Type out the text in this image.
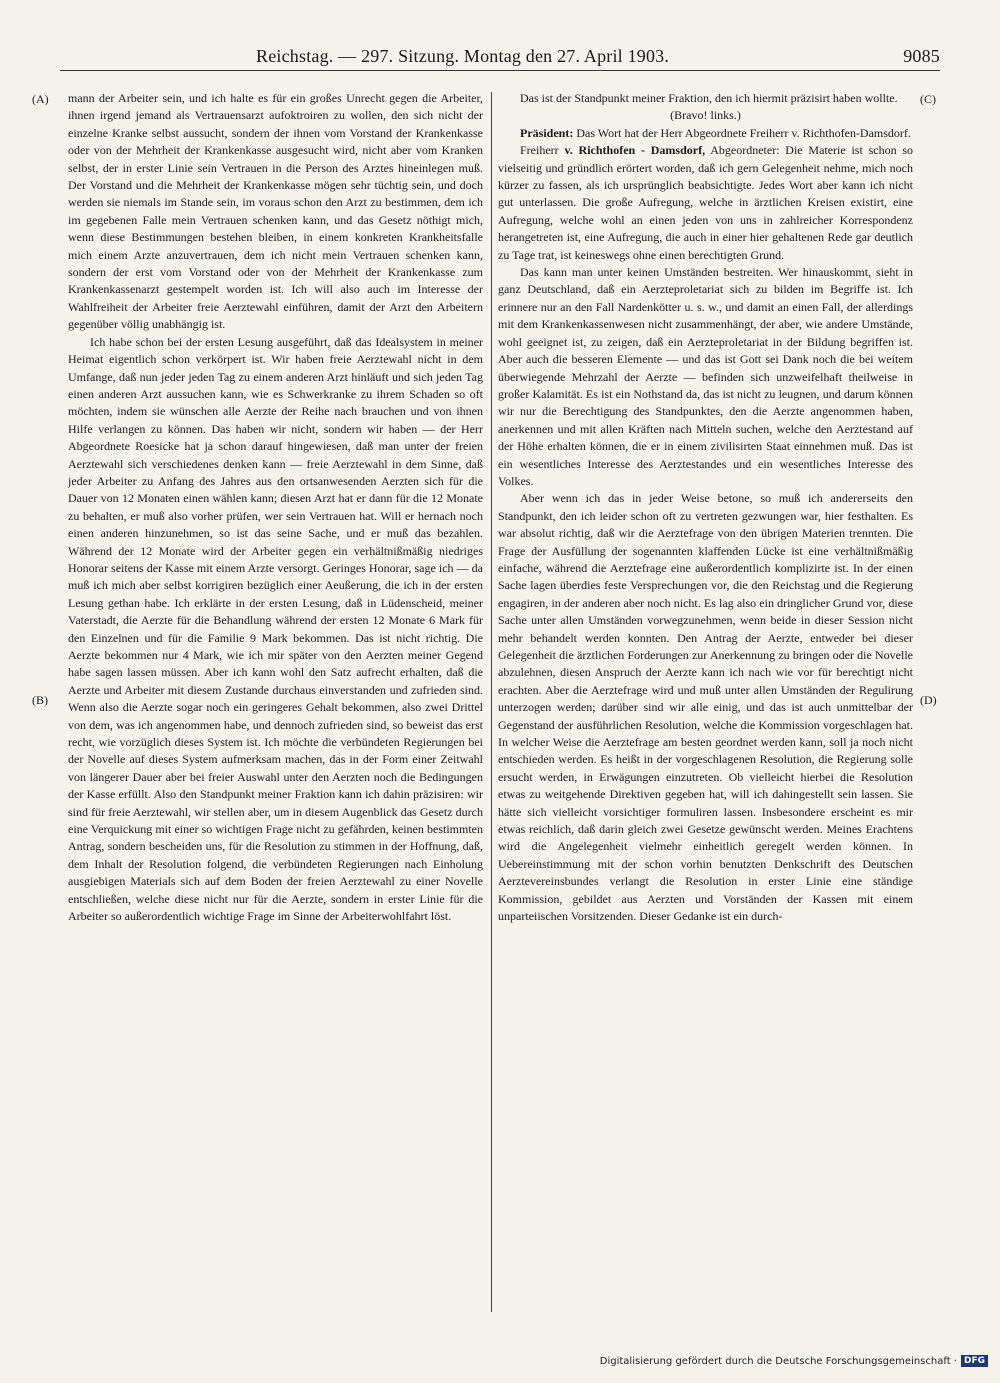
Reichstag. — 297. Sitzung. Montag den 27. April 1903.	9085
(A)
(B)
(C)
(D)

mann der Arbeiter sein, und ich halte es für ein großes Unrecht gegen die Arbeiter, ihnen irgend jemand als Vertrauensarzt aufoktroiren zu wollen, den sich nicht der einzelne Kranke selbst aussucht, sondern der ihnen vom Vorstand der Krankenkasse oder von der Mehrheit der Krankenkasse ausgesucht wird, nicht aber vom Kranken selbst, der in erster Linie sein Vertrauen in die Person des Arztes hineinlegen muß. Der Vorstand und die Mehrheit der Krankenkasse mögen sehr tüchtig sein, und doch werden sie niemals im Stande sein, im voraus schon den Arzt zu bestimmen, dem ich im gegebenen Falle mein Vertrauen schenken kann, und das Gesetz nöthigt mich, wenn diese Bestimmungen bestehen bleiben, in einem konkreten Krankheitsfalle mich einem Arzte anzuvertrauen, dem ich nicht mein Vertrauen schenken kann, sondern der erst vom Vorstand oder von der Mehrheit der Krankenkasse zum Krankenkassenarzt gestempelt worden ist. Ich will also auch im Interesse der Wahlfreiheit der Arbeiter freie Aerztewahl einführen, damit der Arzt den Arbeitern gegenüber völlig unabhängig ist.

Ich habe schon bei der ersten Lesung ausgeführt, daß das Idealsystem in meiner Heimat eigentlich schon verkörpert ist. Wir haben freie Aerztewahl nicht in dem Umfange, daß nun jeder jeden Tag zu einem anderen Arzt hinläuft und sich jeden Tag einen anderen Arzt aussuchen kann, wie es Schwerkranke zu ihrem Schaden so oft möchten, indem sie wünschen alle Aerzte der Reihe nach brauchen und von ihnen Hilfe verlangen zu können. Das haben wir nicht, sondern wir haben — der Herr Abgeordnete Roesicke hat ja schon darauf hingewiesen, daß man unter der freien Aerztewahl sich verschiedenes denken kann — freie Aerztewahl in dem Sinne, daß jeder Arbeiter zu Anfang des Jahres aus den ortsanwesenden Aerzten sich für die Dauer von 12 Monaten einen wählen kann; diesen Arzt hat er dann für die 12 Monate zu behalten, er muß also vorher prüfen, wer sein Vertrauen hat. Will er hernach noch einen anderen hinzunehmen, so ist das seine Sache, und er muß das bezahlen. Während der 12 Monate wird der Arbeiter gegen ein verhältnißmäßig niedriges Honorar seitens der Kasse mit einem Arzte versorgt. Geringes Honorar, sage ich — da muß ich mich aber selbst korrigiren bezüglich einer Aeußerung, die ich in der ersten Lesung gethan habe. Ich erklärte in der ersten Lesung, daß in Lüdenscheid, meiner Vaterstadt, die Aerzte für die Behandlung während der ersten 12 Monate 6 Mark für den Einzelnen und für die Familie 9 Mark bekommen. Das ist nicht richtig. Die Aerzte bekommen nur 4 Mark, wie ich mir später von den Aerzten meiner Gegend habe sagen lassen müssen. Aber ich kann wohl den Satz aufrecht erhalten, daß die Aerzte und Arbeiter mit diesem Zustande durchaus einverstanden und zufrieden sind. Wenn also die Aerzte sogar noch ein geringeres Gehalt bekommen, also zwei Drittel von dem, was ich angenommen habe, und dennoch zufrieden sind, so beweist das erst recht, wie vorzüglich dieses System ist. Ich möchte die verbündeten Regierungen bei der Novelle auf dieses System aufmerksam machen, das in der Form einer Zeitwahl von längerer Dauer aber bei freier Auswahl unter den Aerzten noch die Bedingungen der Kasse erfüllt. Also den Standpunkt meiner Fraktion kann ich dahin präzisiren: wir sind für freie Aerztewahl, wir stellen aber, um in diesem Augenblick das Gesetz durch eine Verquickung mit einer so wichtigen Frage nicht zu gefährden, keinen bestimmten Antrag, sondern bescheiden uns, für die Resolution zu stimmen in der Hoffnung, daß, dem Inhalt der Resolution folgend, die verbündeten Regierungen nach Einholung ausgiebigen Materials sich auf dem Boden der freien Aerztewahl zu einer Novelle entschließen, welche diese nicht nur für die Aerzte, sondern in erster Linie für die Arbeiter so außerordentlich wichtige Frage im Sinne der Arbeiterwohlfahrt löst.

Das ist der Standpunkt meiner Fraktion, den ich hiermit präzisirt haben wollte.

(Bravo! links.)

Präsident: Das Wort hat der Herr Abgeordnete Freiherr v. Richthofen-Damsdorf.

Freiherr v. Richthofen - Damsdorf, Abgeordneter: Die Materie ist schon so vielseitig und gründlich erörtert worden, daß ich gern Gelegenheit nehme, mich noch kürzer zu fassen, als ich ursprünglich beabsichtigte. Jedes Wort aber kann ich nicht gut unterlassen. Die große Aufregung, welche in ärztlichen Kreisen existirt, eine Aufregung, welche wohl an einen jeden von uns in zahlreicher Korrespondenz herangetreten ist, eine Aufregung, die auch in einer hier gehaltenen Rede gar deutlich zu Tage trat, ist keineswegs ohne einen berechtigten Grund.

Das kann man unter keinen Umständen bestreiten. Wer hinauskommt, sieht in ganz Deutschland, daß ein Aerzteproletariat sich zu bilden im Begriffe ist. Ich erinnere nur an den Fall Nardenkötter u. s. w., und damit an einen Fall, der allerdings mit dem Krankenkassenwesen nicht zusammenhängt, der aber, wie andere Umstände, wohl geeignet ist, zu zeigen, daß ein Aerzteproletariat in der Bildung begriffen ist. Aber auch die besseren Elemente — und das ist Gott sei Dank noch die bei weitem überwiegende Mehrzahl der Aerzte — befinden sich unzweifelhaft theilweise in großer Kalamität. Es ist ein Nothstand da, das ist nicht zu leugnen, und darum können wir nur die Berechtigung des Standpunktes, den die Aerzte angenommen haben, anerkennen und mit allen Kräften nach Mitteln suchen, welche den Aerztestand auf der Höhe erhalten können, die er in einem zivilisirten Staat einnehmen muß. Das ist ein wesentliches Interesse des Aerztestandes und ein wesentliches Interesse des Volkes.

Aber wenn ich das in jeder Weise betone, so muß ich andererseits den Standpunkt, den ich leider schon oft zu vertreten gezwungen war, hier festhalten. Es war absolut richtig, daß wir die Aerztefrage von den übrigen Materien trennten. Die Frage der Ausfüllung der sogenannten klaffenden Lücke ist eine verhältnißmäßig einfache, während die Aerztefrage eine außerordentlich komplizirte ist. In der einen Sache lagen überdies feste Versprechungen vor, die den Reichstag und die Regierung engagiren, in der anderen aber noch nicht. Es lag also ein dringlicher Grund vor, diese Sache unter allen Umständen vorwegzunehmen, wenn beide in dieser Session nicht mehr behandelt werden konnten. Den Antrag der Aerzte, entweder bei dieser Gelegenheit die ärztlichen Forderungen zur Anerkennung zu bringen oder die Novelle abzulehnen, diesen Anspruch der Aerzte kann ich nach wie vor für berechtigt nicht erachten. Aber die Aerztefrage wird und muß unter allen Umständen der Regulirung unterzogen werden; darüber sind wir alle einig, und das ist auch unmittelbar der Gegenstand der ausführlichen Resolution, welche die Kommission vorgeschlagen hat. In welcher Weise die Aerztefrage am besten geordnet werden kann, soll ja noch nicht entschieden werden. Es heißt in der vorgeschlagenen Resolution, die Regierung solle ersucht werden, in Erwägungen einzutreten. Ob vielleicht hierbei die Resolution etwas zu weitgehende Direktiven gegeben hat, will ich dahingestellt sein lassen. Sie hätte sich vielleicht vorsichtiger formuliren lassen. Insbesondere erscheint es mir etwas reichlich, daß darin gleich zwei Gesetze gewünscht werden. Meines Erachtens wird die Angelegenheit vielmehr einheitlich geregelt werden können. In Uebereinstimmung mit der schon vorhin benutzten Denkschrift des Deutschen Aerztevereinsbundes verlangt die Resolution in erster Linie eine ständige Kommission, gebildet aus Aerzten und Vorständen der Kassen mit einem unparteiischen Vorsitzenden. Dieser Gedanke ist ein durch-

Digitalisierung gefördert durch die Deutsche Forschungsgemeinschaft · DFG
